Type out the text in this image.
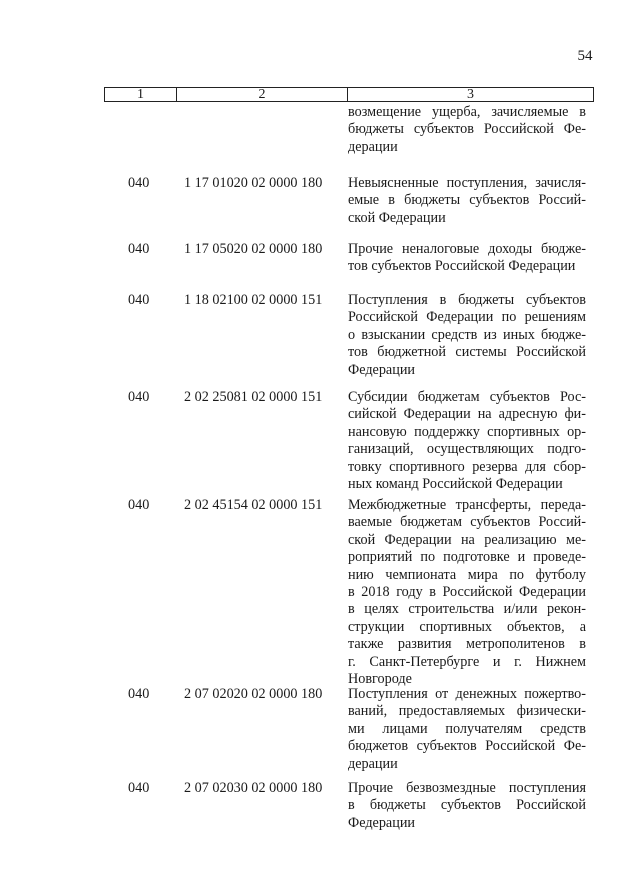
54
1	2	3
возмещение ущерба, зачисляемые в
бюджеты субъектов Российской Фе-
дерации
040	1 17 01020 02 0000 180	Невыясненные поступления, зачисля-
емые в бюджеты субъектов Россий-
ской Федерации
040	1 17 05020 02 0000 180	Прочие неналоговые доходы бюдже-
тов субъектов Российской Федерации
040	1 18 02100 02 0000 151	Поступления в бюджеты субъектов
Российской Федерации по решениям
о взыскании средств из иных бюдже-
тов бюджетной системы Российской
Федерации
040	2 02 25081 02 0000 151	Субсидии бюджетам субъектов Рос-
сийской Федерации на адресную фи-
нансовую поддержку спортивных ор-
ганизаций, осуществляющих подго-
товку спортивного резерва для сбор-
ных команд Российской Федерации
040	2 02 45154 02 0000 151	Межбюджетные трансферты, переда-
ваемые бюджетам субъектов Россий-
ской Федерации на реализацию ме-
роприятий по подготовке и проведе-
нию чемпионата мира по футболу
в 2018 году в Российской Федерации
в целях строительства и/или рекон-
струкции спортивных объектов, а
также развития метрополитенов в
г. Санкт-Петербурге и г. Нижнем
Новгороде
040	2 07 02020 02 0000 180	Поступления от денежных пожертво-
ваний, предоставляемых физически-
ми лицами получателям средств
бюджетов субъектов Российской Фе-
дерации
040	2 07 02030 02 0000 180	Прочие безвозмездные поступления
в бюджеты субъектов Российской
Федерации
